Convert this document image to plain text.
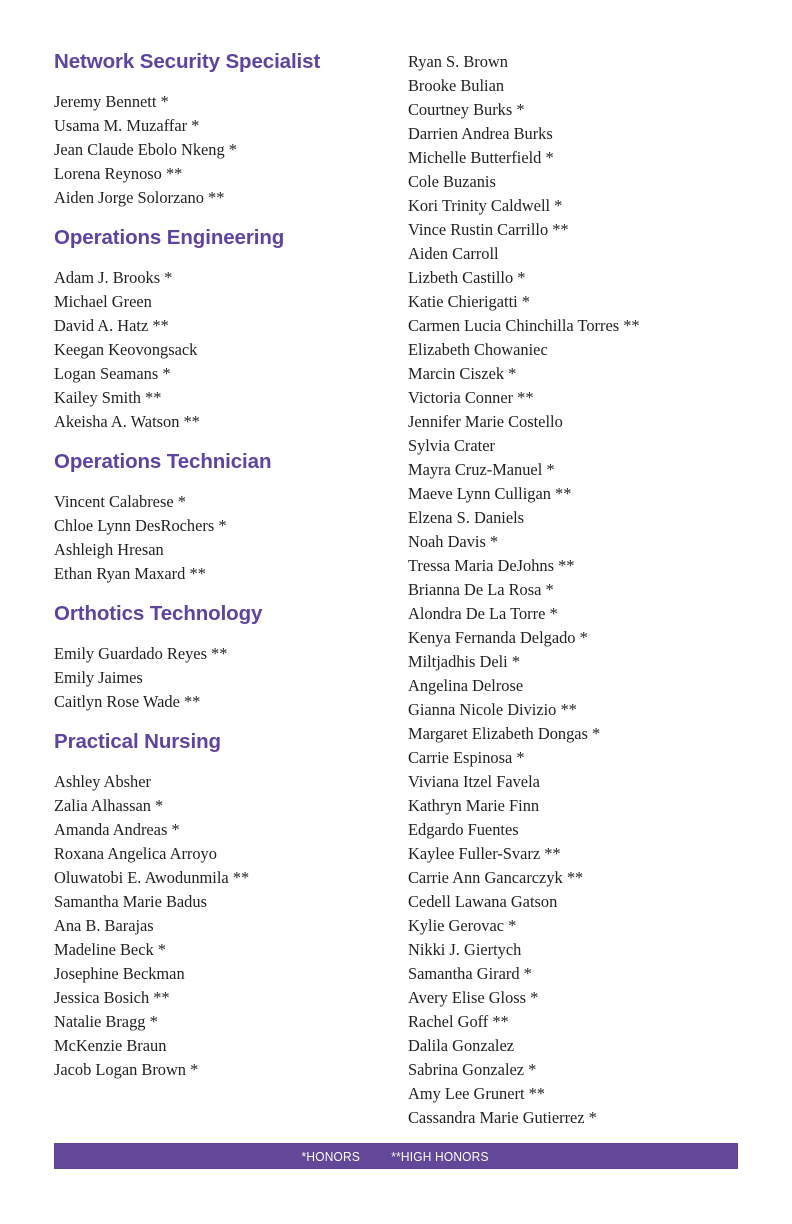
Network Security Specialist
Jeremy Bennett *
Usama M. Muzaffar *
Jean Claude Ebolo Nkeng *
Lorena Reynoso **
Aiden Jorge Solorzano **
Operations Engineering
Adam J. Brooks *
Michael Green
David A. Hatz **
Keegan Keovongsack
Logan Seamans *
Kailey Smith **
Akeisha A. Watson **
Operations Technician
Vincent Calabrese *
Chloe Lynn DesRochers *
Ashleigh Hresan
Ethan Ryan Maxard **
Orthotics Technology
Emily Guardado Reyes **
Emily Jaimes
Caitlyn Rose Wade **
Practical Nursing
Ashley Absher
Zalia Alhassan *
Amanda Andreas *
Roxana Angelica Arroyo
Oluwatobi E. Awodunmila **
Samantha Marie Badus
Ana B. Barajas
Madeline Beck *
Josephine Beckman
Jessica Bosich **
Natalie Bragg *
McKenzie Braun
Jacob Logan Brown *
Ryan S. Brown
Brooke Bulian
Courtney Burks *
Darrien Andrea Burks
Michelle Butterfield *
Cole Buzanis
Kori Trinity Caldwell *
Vince Rustin Carrillo **
Aiden Carroll
Lizbeth Castillo *
Katie Chierigatti *
Carmen Lucia Chinchilla Torres **
Elizabeth Chowaniec
Marcin Ciszek *
Victoria Conner **
Jennifer Marie Costello
Sylvia Crater
Mayra Cruz-Manuel *
Maeve Lynn Culligan **
Elzena S. Daniels
Noah Davis *
Tressa Maria DeJohns **
Brianna De La Rosa *
Alondra De La Torre *
Kenya Fernanda Delgado *
Miltjadhis Deli *
Angelina Delrose
Gianna Nicole Divizio **
Margaret Elizabeth Dongas *
Carrie Espinosa *
Viviana Itzel Favela
Kathryn Marie Finn
Edgardo Fuentes
Kaylee Fuller-Svarz **
Carrie Ann Gancarczyk **
Cedell Lawana Gatson
Kylie Gerovac *
Nikki J. Giertych
Samantha Girard *
Avery Elise Gloss *
Rachel Goff **
Dalila Gonzalez
Sabrina Gonzalez *
Amy Lee Grunert **
Cassandra Marie Gutierrez *
*HONORS **HIGH HONORS
